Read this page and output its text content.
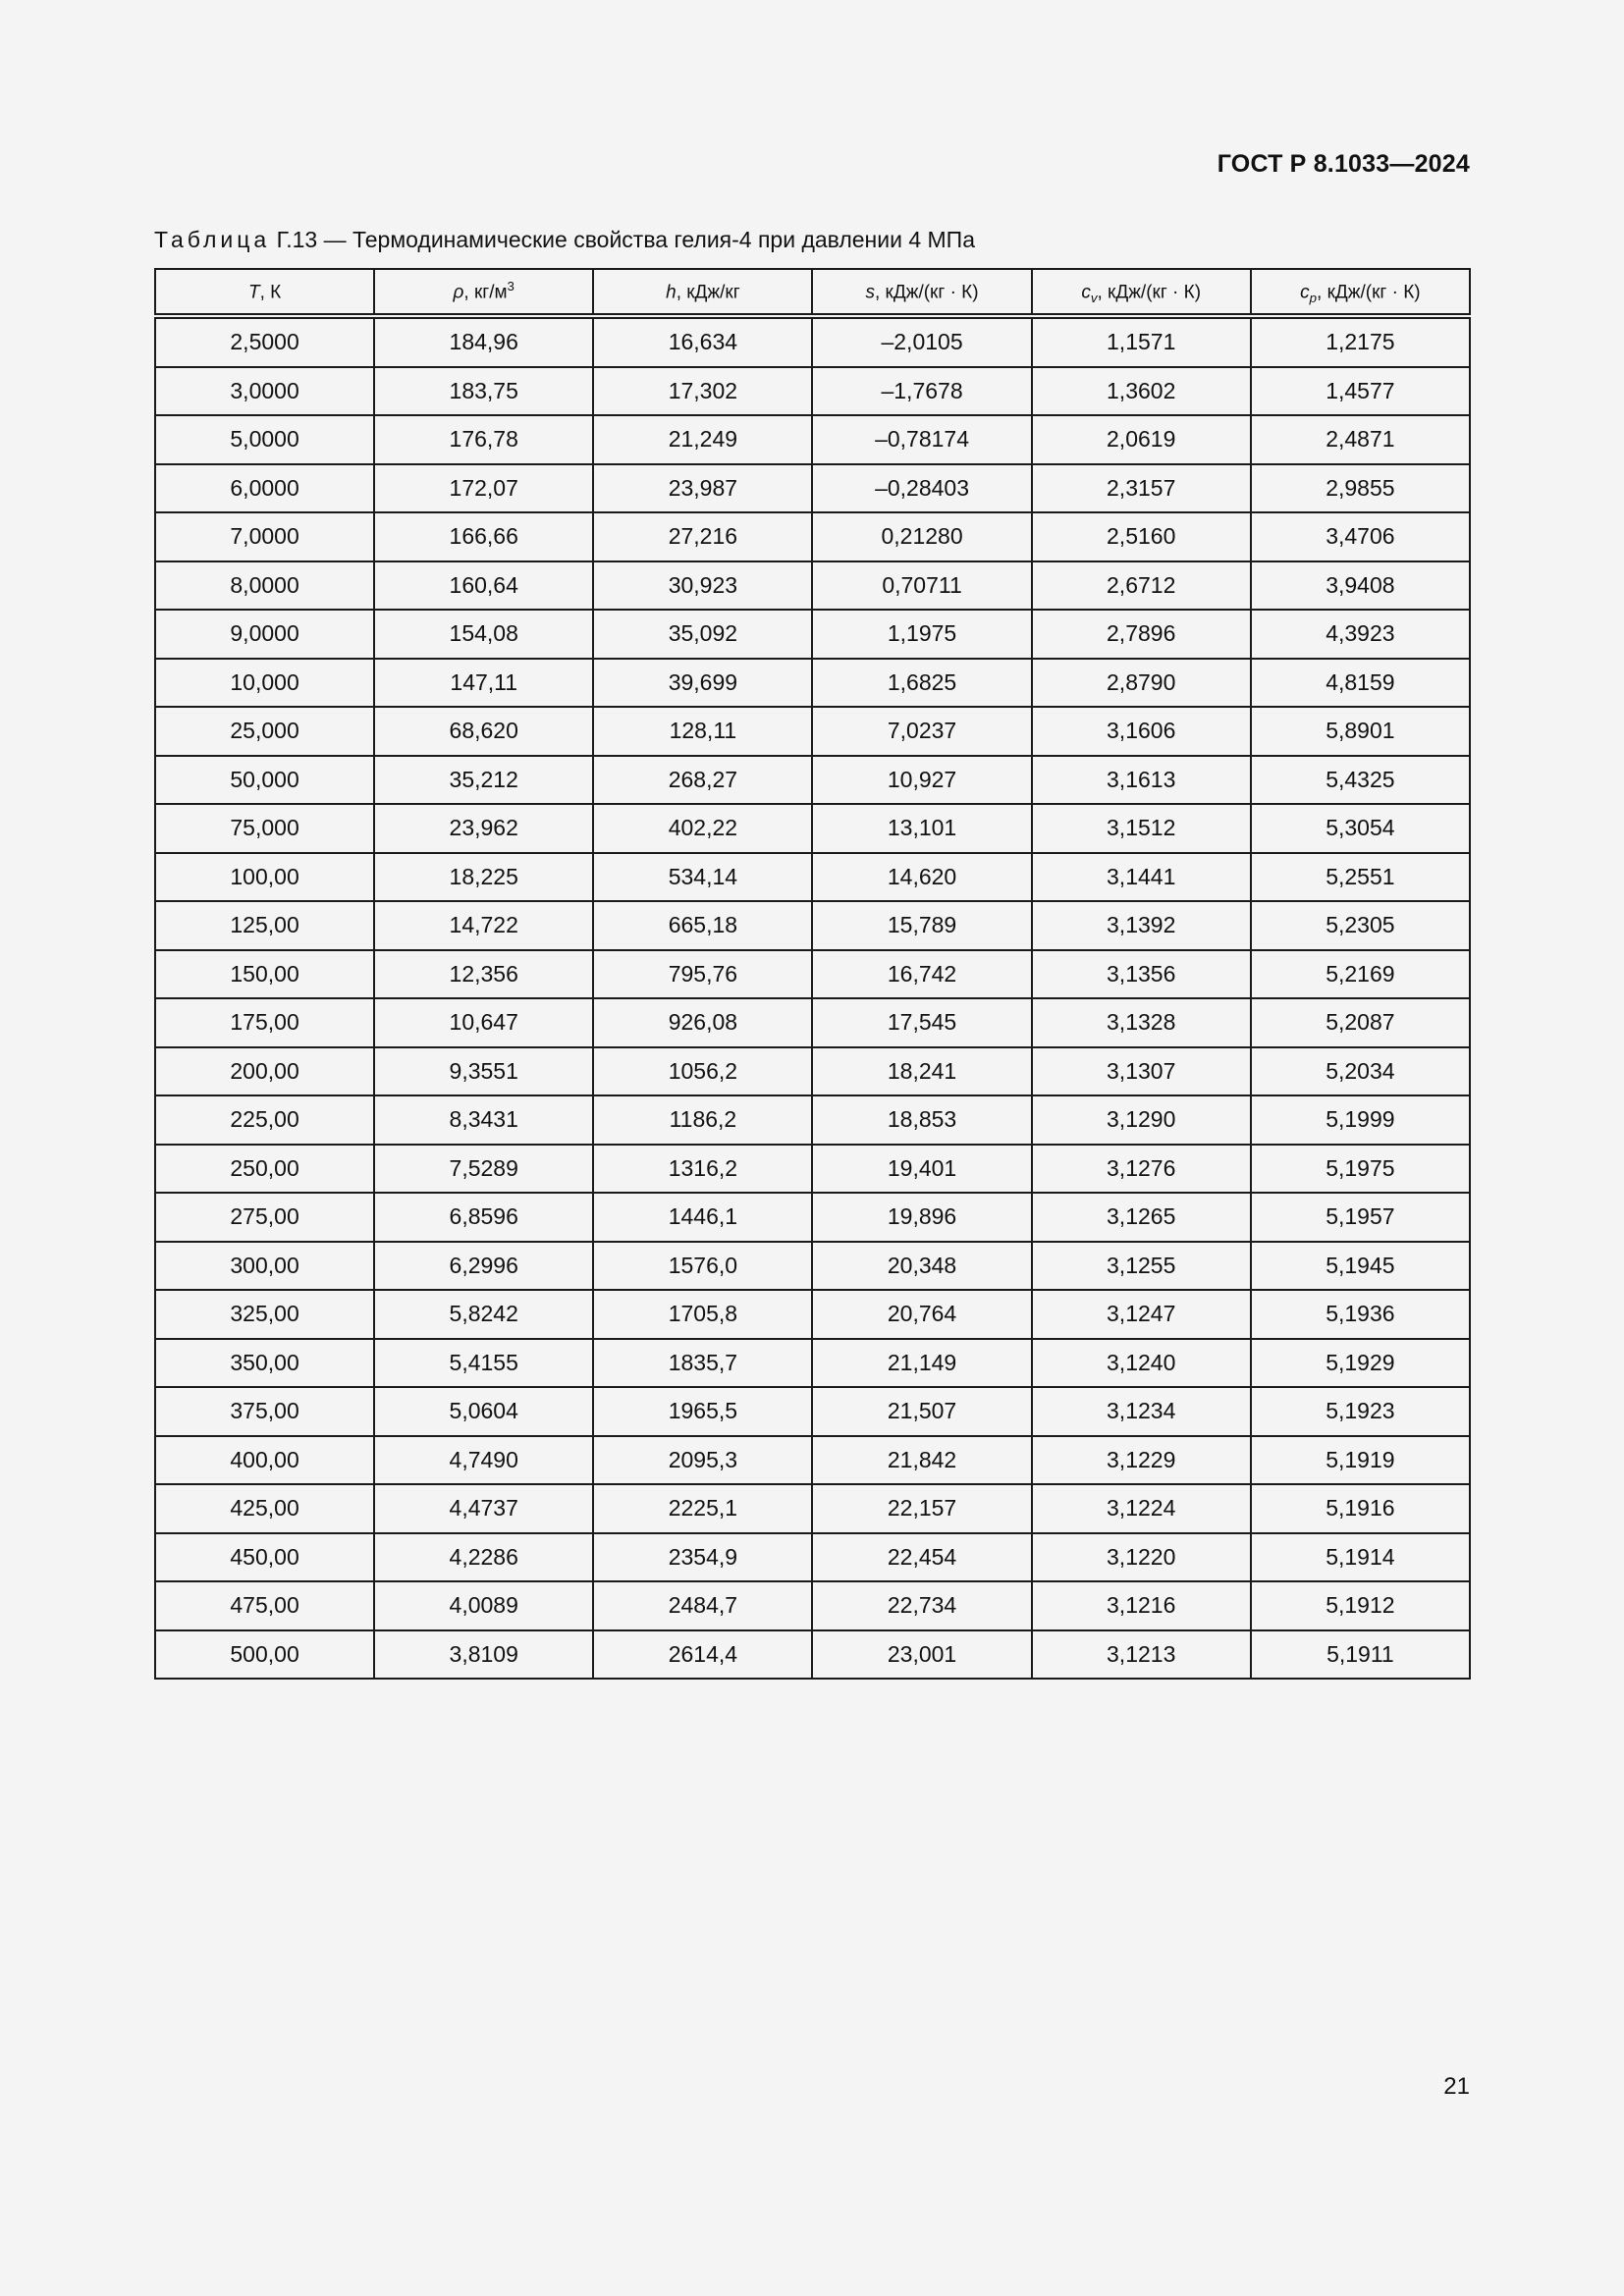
ГОСТ Р 8.1033—2024
Таблица Г.13 — Термодинамические свойства гелия-4 при давлении 4 МПа
T, К	ρ, $кг/м^3$	h, кДж/кг	s, кДж/(кг · К)	$c_v$, кДж/(кг · К)	$c_p$, кДж/(кг · К)
2,5000	184,96	16,634	–2,0105	1,1571	1,2175
3,0000	183,75	17,302	–1,7678	1,3602	1,4577
5,0000	176,78	21,249	–0,78174	2,0619	2,4871
6,0000	172,07	23,987	–0,28403	2,3157	2,9855
7,0000	166,66	27,216	0,21280	2,5160	3,4706
8,0000	160,64	30,923	0,70711	2,6712	3,9408
9,0000	154,08	35,092	1,1975	2,7896	4,3923
10,000	147,11	39,699	1,6825	2,8790	4,8159
25,000	68,620	128,11	7,0237	3,1606	5,8901
50,000	35,212	268,27	10,927	3,1613	5,4325
75,000	23,962	402,22	13,101	3,1512	5,3054
100,00	18,225	534,14	14,620	3,1441	5,2551
125,00	14,722	665,18	15,789	3,1392	5,2305
150,00	12,356	795,76	16,742	3,1356	5,2169
175,00	10,647	926,08	17,545	3,1328	5,2087
200,00	9,3551	1056,2	18,241	3,1307	5,2034
225,00	8,3431	1186,2	18,853	3,1290	5,1999
250,00	7,5289	1316,2	19,401	3,1276	5,1975
275,00	6,8596	1446,1	19,896	3,1265	5,1957
300,00	6,2996	1576,0	20,348	3,1255	5,1945
325,00	5,8242	1705,8	20,764	3,1247	5,1936
350,00	5,4155	1835,7	21,149	3,1240	5,1929
375,00	5,0604	1965,5	21,507	3,1234	5,1923
400,00	4,7490	2095,3	21,842	3,1229	5,1919
425,00	4,4737	2225,1	22,157	3,1224	5,1916
450,00	4,2286	2354,9	22,454	3,1220	5,1914
475,00	4,0089	2484,7	22,734	3,1216	5,1912
500,00	3,8109	2614,4	23,001	3,1213	5,1911
21
